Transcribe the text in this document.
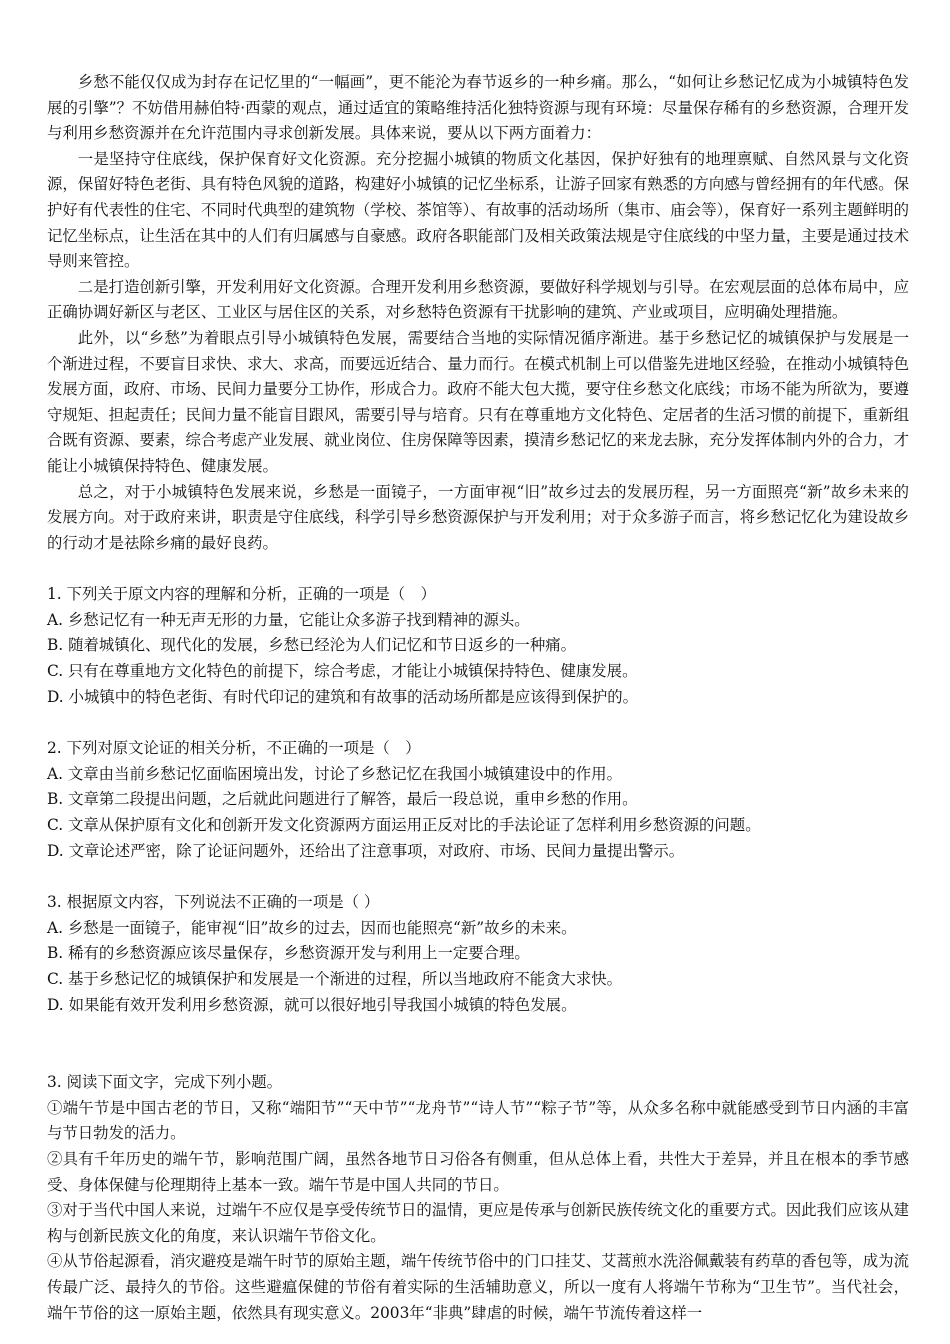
乡愁不能仅仅成为封存在记忆里的“一幅画”，更不能沦为春节返乡的一种乡痛。那么，“如何让乡愁记忆成为小城镇特色发展的引擎”？不妨借用赫伯特·西蒙的观点，通过适宜的策略维持活化独特资源与现有环境：尽量保存稀有的乡愁资源，合理开发与利用乡愁资源并在允许范围内寻求创新发展。具体来说，要从以下两方面着力：

一是坚持守住底线，保护保育好文化资源。充分挖掘小城镇的物质文化基因，保护好独有的地理禀赋、自然风景与文化资源，保留好特色老街、具有特色风貌的道路，构建好小城镇的记忆坐标系，让游子回家有熟悉的方向感与曾经拥有的年代感。保护好有代表性的住宅、不同时代典型的建筑物（学校、茶馆等）、有故事的活动场所（集市、庙会等），保育好一系列主题鲜明的记忆坐标点，让生活在其中的人们有归属感与自豪感。政府各职能部门及相关政策法规是守住底线的中坚力量，主要是通过技术导则来管控。

二是打造创新引擎，开发利用好文化资源。合理开发利用乡愁资源，要做好科学规划与引导。在宏观层面的总体布局中，应正确协调好新区与老区、工业区与居住区的关系，对乡愁特色资源有干扰影响的建筑、产业或项目，应明确处理措施。

此外，以“乡愁”为着眼点引导小城镇特色发展，需要结合当地的实际情况循序渐进。基于乡愁记忆的城镇保护与发展是一个渐进过程，不要盲目求快、求大、求高，而要远近结合、量力而行。在模式机制上可以借鉴先进地区经验，在推动小城镇特色发展方面，政府、市场、民间力量要分工协作，形成合力。政府不能大包大揽，要守住乡愁文化底线；市场不能为所欲为，要遵守规矩、担起责任；民间力量不能盲目跟风，需要引导与培育。只有在尊重地方文化特色、定居者的生活习惯的前提下，重新组合既有资源、要素，综合考虑产业发展、就业岗位、住房保障等因素，摸清乡愁记忆的来龙去脉，充分发挥体制内外的合力，才能让小城镇保持特色、健康发展。

总之，对于小城镇特色发展来说，乡愁是一面镜子，一方面审视“旧”故乡过去的发展历程，另一方面照亮“新”故乡未来的发展方向。对于政府来讲，职责是守住底线，科学引导乡愁资源保护与开发利用；对于众多游子而言，将乡愁记忆化为建设故乡的行动才是祛除乡痛的最好良药。

1. 下列关于原文内容的理解和分析，正确的一项是（　）

A. 乡愁记忆有一种无声无形的力量，它能让众多游子找到精神的源头。

B. 随着城镇化、现代化的发展，乡愁已经沦为人们记忆和节日返乡的一种痛。

C. 只有在尊重地方文化特色的前提下，综合考虑，才能让小城镇保持特色、健康发展。

D. 小城镇中的特色老街、有时代印记的建筑和有故事的活动场所都是应该得到保护的。

2. 下列对原文论证的相关分析，不正确的一项是（　）

A. 文章由当前乡愁记忆面临困境出发，讨论了乡愁记忆在我国小城镇建设中的作用。

B. 文章第二段提出问题，之后就此问题进行了解答，最后一段总说，重申乡愁的作用。

C. 文章从保护原有文化和创新开发文化资源两方面运用正反对比的手法论证了怎样利用乡愁资源的问题。

D. 文章论述严密，除了论证问题外，还给出了注意事项，对政府、市场、民间力量提出警示。

3. 根据原文内容，下列说法不正确的一项是（ ）

A. 乡愁是一面镜子，能审视“旧”故乡的过去，因而也能照亮“新”故乡的未来。

B. 稀有的乡愁资源应该尽量保存，乡愁资源开发与利用上一定要合理。

C. 基于乡愁记忆的城镇保护和发展是一个渐进的过程，所以当地政府不能贪大求快。

D. 如果能有效开发利用乡愁资源，就可以很好地引导我国小城镇的特色发展。

3. 阅读下面文字，完成下列小题。

①端午节是中国古老的节日，又称“端阳节”“天中节”“龙舟节”“诗人节”“粽子节”等，从众多名称中就能感受到节日内涵的丰富与节日勃发的活力。

②具有千年历史的端午节，影响范围广阔，虽然各地节日习俗各有侧重，但从总体上看，共性大于差异，并且在根本的季节感受、身体保健与伦理期待上基本一致。端午节是中国人共同的节日。

③对于当代中国人来说，过端午不应仅是享受传统节日的温情，更应是传承与创新民族传统文化的重要方式。因此我们应该从建构与创新民族文化的角度，来认识端午节俗文化。

④从节俗起源看，消灾避疫是端午时节的原始主题，端午传统节俗中的门口挂艾、艾蒿煎水洗浴佩戴装有药草的香包等，成为流传最广泛、最持久的节俗。这些避瘟保健的节俗有着实际的生活辅助意义，所以一度有人将端午节称为“卫生节”。当代社会，端午节俗的这一原始主题，依然具有现实意义。2003年“非典”肆虐的时候，端午节流传着这样一
